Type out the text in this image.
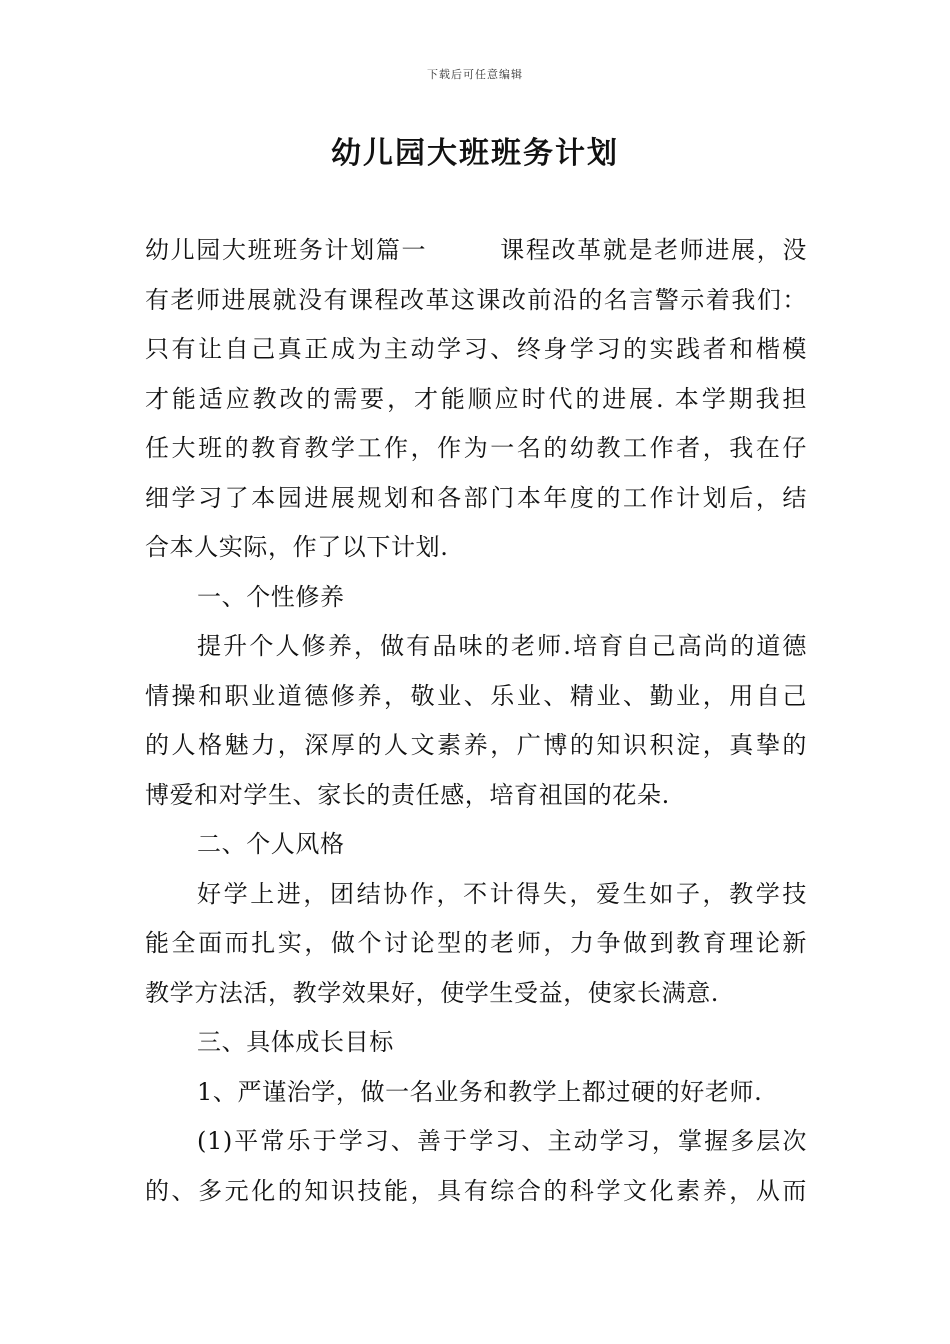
下载后可任意编辑
幼儿园大班班务计划
幼儿园大班班务计划篇一	课程改革就是老师进展，没
有老师进展就没有课程改革这课改前沿的名言警示着我们：
只有让自己真正成为主动学习、终身学习的实践者和楷模
才能适应教改的需要，才能顺应时代的进展. 本学期我担
任大班的教育教学工作，作为一名的幼教工作者，我在仔
细学习了本园进展规划和各部门本年度的工作计划后，结
合本人实际，作了以下计划.
一、个性修养
提升个人修养，做有品味的老师.培育自己高尚的道德
情操和职业道德修养，敬业、乐业、精业、勤业，用自己
的人格魅力，深厚的人文素养，广博的知识积淀，真挚的
博爱和对学生、家长的责任感，培育祖国的花朵.
二、个人风格
好学上进，团结协作，不计得失，爱生如子，教学技
能全面而扎实，做个讨论型的老师，力争做到教育理论新
教学方法活，教学效果好，使学生受益，使家长满意.
三、具体成长目标
1、严谨治学，做一名业务和教学上都过硬的好老师.
(1)平常乐于学习、善于学习、主动学习，掌握多层次
的、多元化的知识技能，具有综合的科学文化素养，从而
